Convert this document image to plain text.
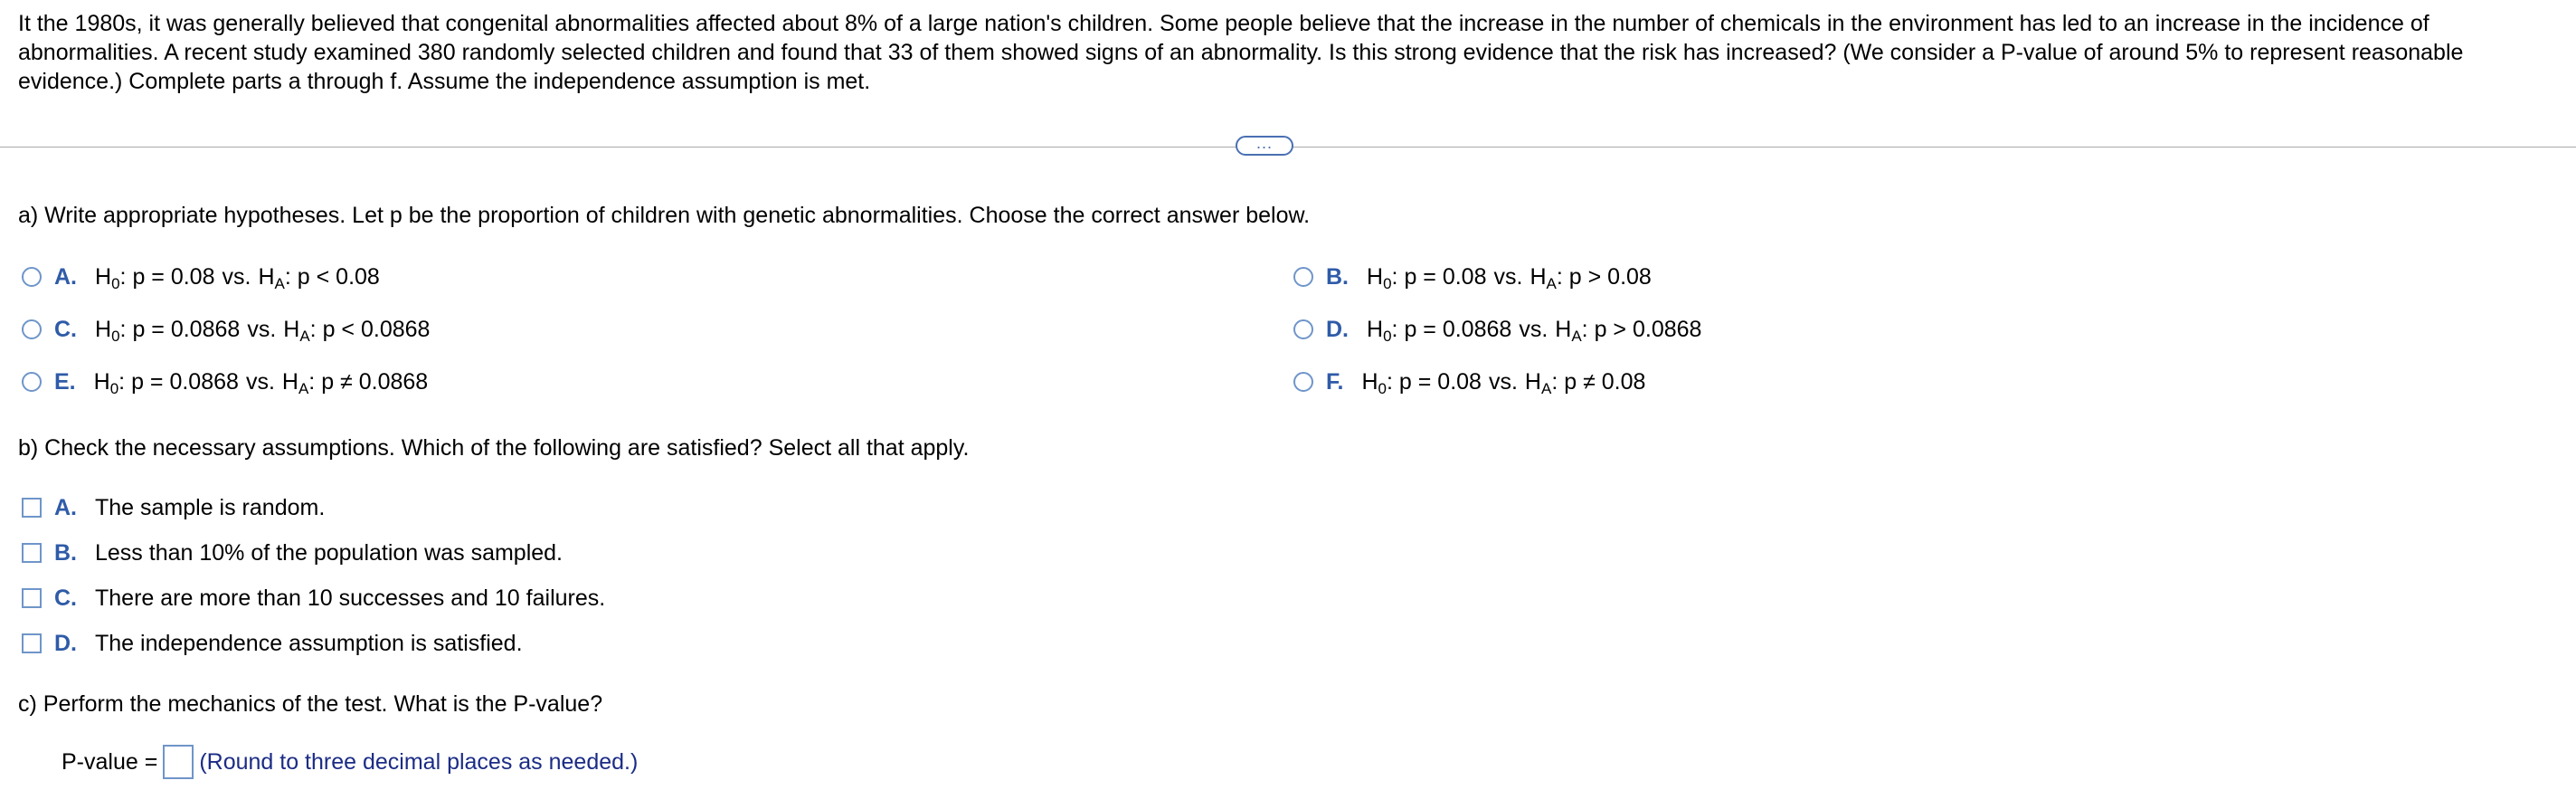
It the 1980s, it was generally believed that congenital abnormalities affected about 8% of a large nation's children. Some people believe that the increase in the number of chemicals in the environment has led to an increase in the incidence of abnormalities. A recent study examined 380 randomly selected children and found that 33 of them showed signs of an abnormality. Is this strong evidence that the risk has increased? (We consider a P-value of around 5% to represent reasonable evidence.) Complete parts a through f. Assume the independence assumption is met.
...
a) Write appropriate hypotheses. Let p be the proportion of children with genetic abnormalities. Choose the correct answer below.
A. $H_0$: p = 0.08 vs. $H_A$: p < 0.08	B. $H_0$: p = 0.08 vs. $H_A$: p > 0.08
C. $H_0$: p = 0.0868 vs. $H_A$: p < 0.0868	D. $H_0$: p = 0.0868 vs. $H_A$: p > 0.0868
E. $H_0$: p = 0.0868 vs. $H_A$: p ≠ 0.0868	F. $H_0$: p = 0.08 vs. $H_A$: p ≠ 0.08
b) Check the necessary assumptions. Which of the following are satisfied? Select all that apply.
A. The sample is random.
B. Less than 10% of the population was sampled.
C. There are more than 10 successes and 10 failures.
D. The independence assumption is satisfied.
c) Perform the mechanics of the test. What is the P-value?
P-value = (Round to three decimal places as needed.)
